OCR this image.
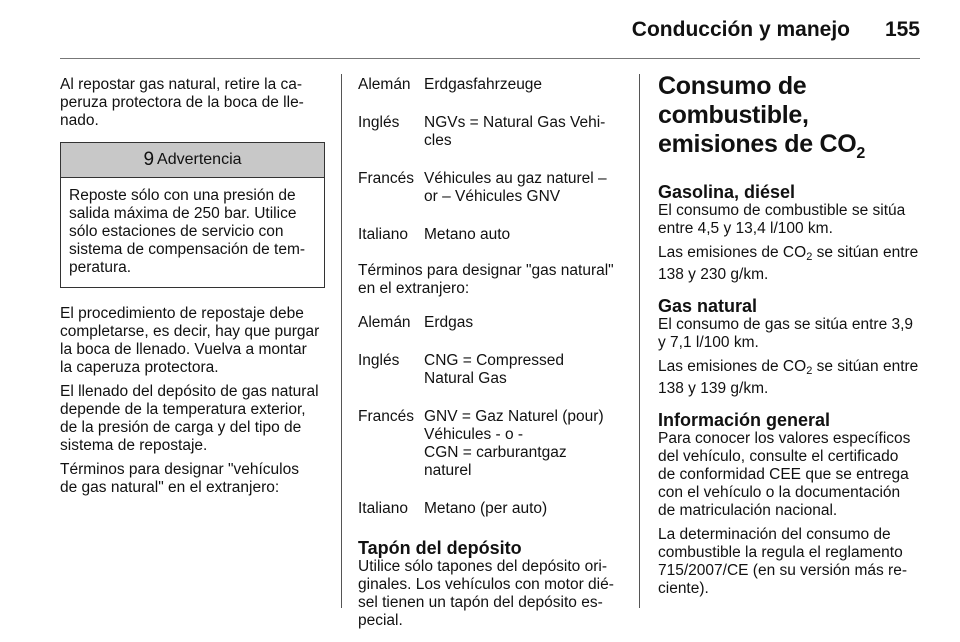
Conducción y manejo	155

Al repostar gas natural, retire la ca-
peruza protectora de la boca de lle-
nado.

9 Advertencia
Reposte sólo con una presión de
salida máxima de 250 bar. Utilice
sólo estaciones de servicio con
sistema de compensación de tem-
peratura.

El procedimiento de repostaje debe
completarse, es decir, hay que purgar
la boca de llenado. Vuelva a montar
la caperuza protectora.

El llenado del depósito de gas natural
depende de la temperatura exterior,
de la presión de carga y del tipo de
sistema de repostaje.

Términos para designar "vehículos
de gas natural" en el extranjero:

Alemán Erdgasfahrzeuge
Inglés	NGVs = Natural Gas Vehi-
cles
Francés Véhicules au gaz naturel –
or – Véhicules GNV
Italiano	Metano auto

Términos para designar "gas natural"
en el extranjero:

Alemán Erdgas
Inglés	CNG = Compressed
Natural Gas
Francés GNV = Gaz Naturel (pour)
Véhicules - o -
CGN = carburantgaz
naturel
Italiano	Metano (per auto)
Tapón del depósito

Utilice sólo tapones del depósito ori-
ginales. Los vehículos con motor dié-
sel tienen un tapón del depósito es-
pecial.

Consumo de combustible,
emisiones de $CO_2$
Gasolina, diésel

El consumo de combustible se sitúa
entre 4,5 y 13,4 l/100 km.

Las emisiones de CO2 se sitúan entre
138 y 230 g/km.

Gas natural

El consumo de gas se sitúa entre 3,9
y 7,1 l/100 km.

Las emisiones de CO2 se sitúan entre
138 y 139 g/km.

Información general

Para conocer los valores específicos
del vehículo, consulte el certificado
de conformidad CEE que se entrega
con el vehículo o la documentación
de matriculación nacional.

La determinación del consumo de
combustible la regula el reglamento
715/2007/CE (en su versión más re-
ciente).
